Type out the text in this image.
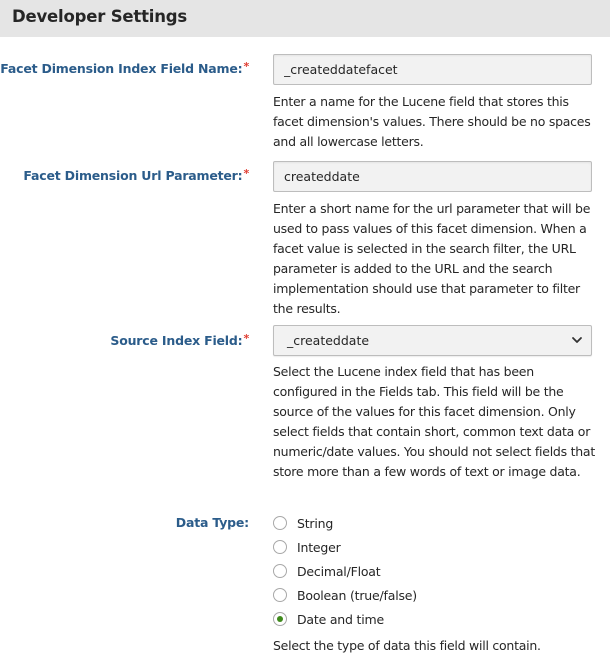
Developer Settings
Facet Dimension Index Field Name:*
_createddatefacet
Enter a name for the Lucene field that stores this facet dimension's values. There should be no spaces and all lowercase letters.
Facet Dimension Url Parameter:*
createddate
Enter a short name for the url parameter that will be used to pass values of this facet dimension. When a facet value is selected in the search filter, the URL parameter is added to the URL and the search implementation should use that parameter to filter the results.
Source Index Field:*	_createddate
Select the Lucene index field that has been configured in the Fields tab. This field will be the source of the values for this facet dimension. Only select fields that contain short, common text data or numeric/date values. You should not select fields that store more than a few words of text or image data.
Data Type:	String
Integer
Decimal/Float
Boolean (true/false)
Date and time
Select the type of data this field will contain.
